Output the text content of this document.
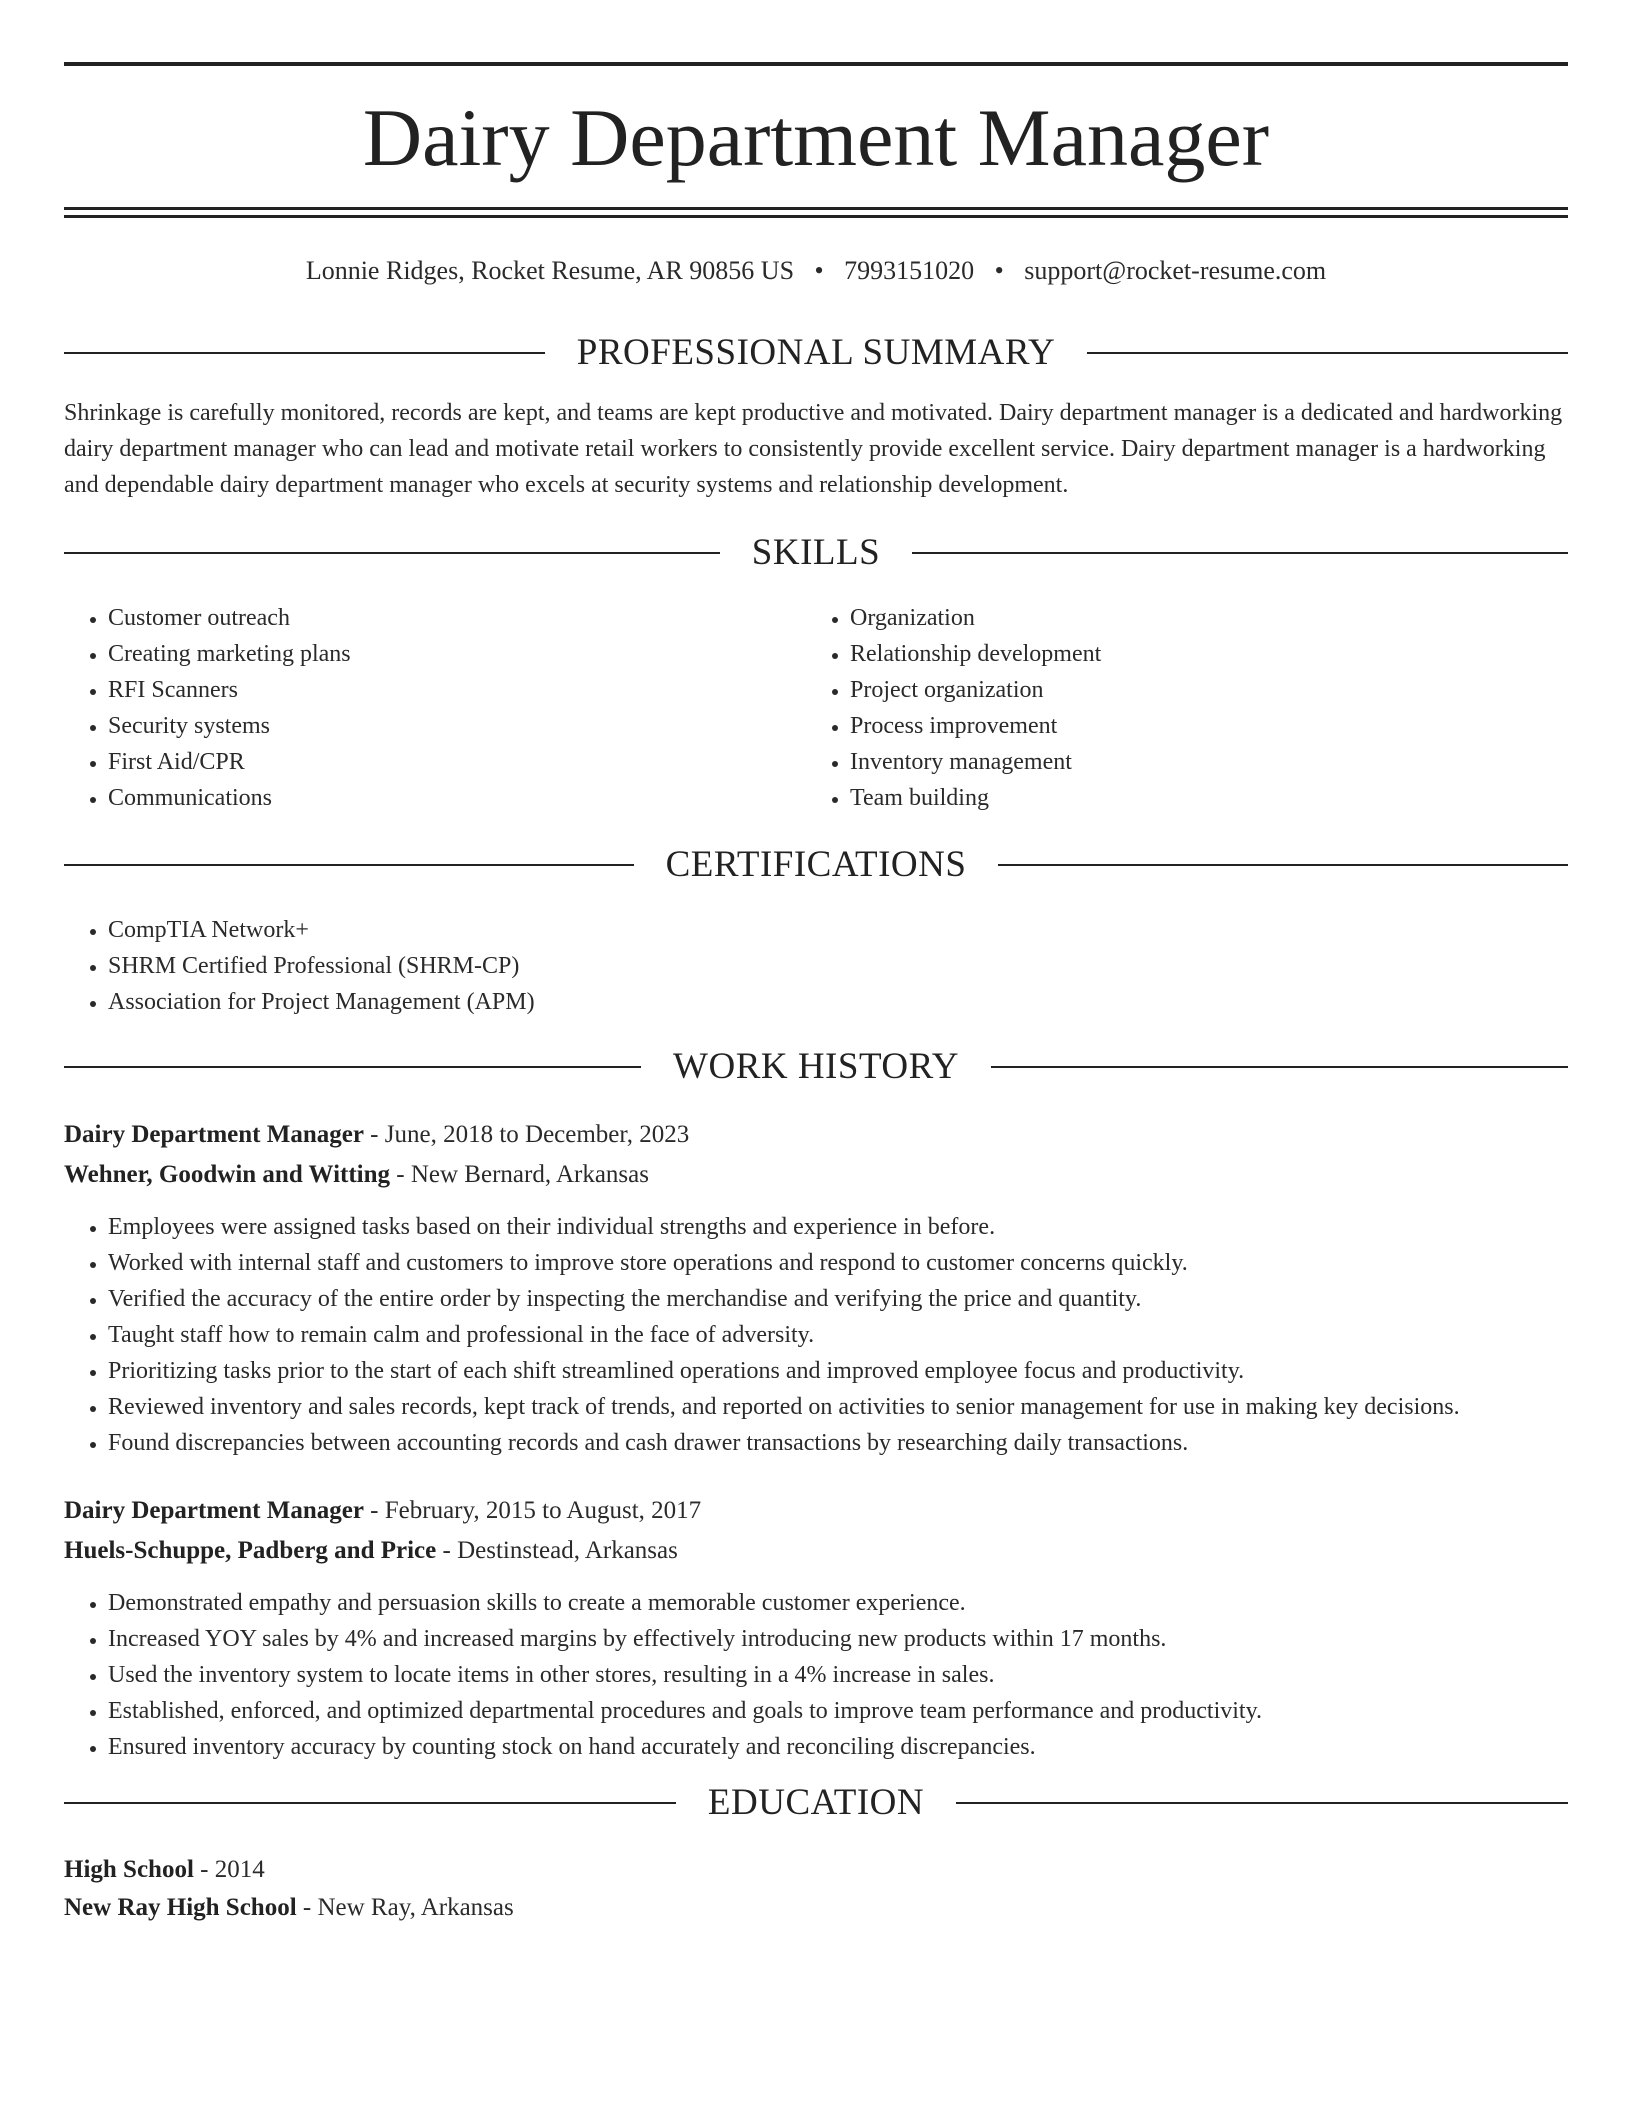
Dairy Department Manager
Lonnie Ridges, Rocket Resume, AR 90856 US • 7993151020 • support@rocket-resume.com
PROFESSIONAL SUMMARY

Shrinkage is carefully monitored, records are kept, and teams are kept productive and motivated. Dairy department manager is a dedicated and hardworking dairy department manager who can lead and motivate retail workers to consistently provide excellent service. Dairy department manager is a hardworking and dependable dairy department manager who excels at security systems and relationship development.

SKILLS
• Customer outreach
• Creating marketing plans
• RFI Scanners
• Security systems
• First Aid/CPR
• Communications
• Organization
• Relationship development
• Project organization
• Process improvement
• Inventory management
• Team building
CERTIFICATIONS
• CompTIA Network+
• SHRM Certified Professional (SHRM-CP)
• Association for Project Management (APM)
WORK HISTORY
Dairy Department Manager - June, 2018 to December, 2023
Wehner, Goodwin and Witting - New Bernard, Arkansas
• Employees were assigned tasks based on their individual strengths and experience in before.
• Worked with internal staff and customers to improve store operations and respond to customer concerns quickly.
• Verified the accuracy of the entire order by inspecting the merchandise and verifying the price and quantity.
• Taught staff how to remain calm and professional in the face of adversity.
• Prioritizing tasks prior to the start of each shift streamlined operations and improved employee focus and productivity.
• Reviewed inventory and sales records, kept track of trends, and reported on activities to senior management for use in making key decisions.
• Found discrepancies between accounting records and cash drawer transactions by researching daily transactions.
Dairy Department Manager - February, 2015 to August, 2017
Huels-Schuppe, Padberg and Price - Destinstead, Arkansas
• Demonstrated empathy and persuasion skills to create a memorable customer experience.
• Increased YOY sales by 4% and increased margins by effectively introducing new products within 17 months.
• Used the inventory system to locate items in other stores, resulting in a 4% increase in sales.
• Established, enforced, and optimized departmental procedures and goals to improve team performance and productivity.
• Ensured inventory accuracy by counting stock on hand accurately and reconciling discrepancies.
EDUCATION
High School - 2014
New Ray High School - New Ray, Arkansas
